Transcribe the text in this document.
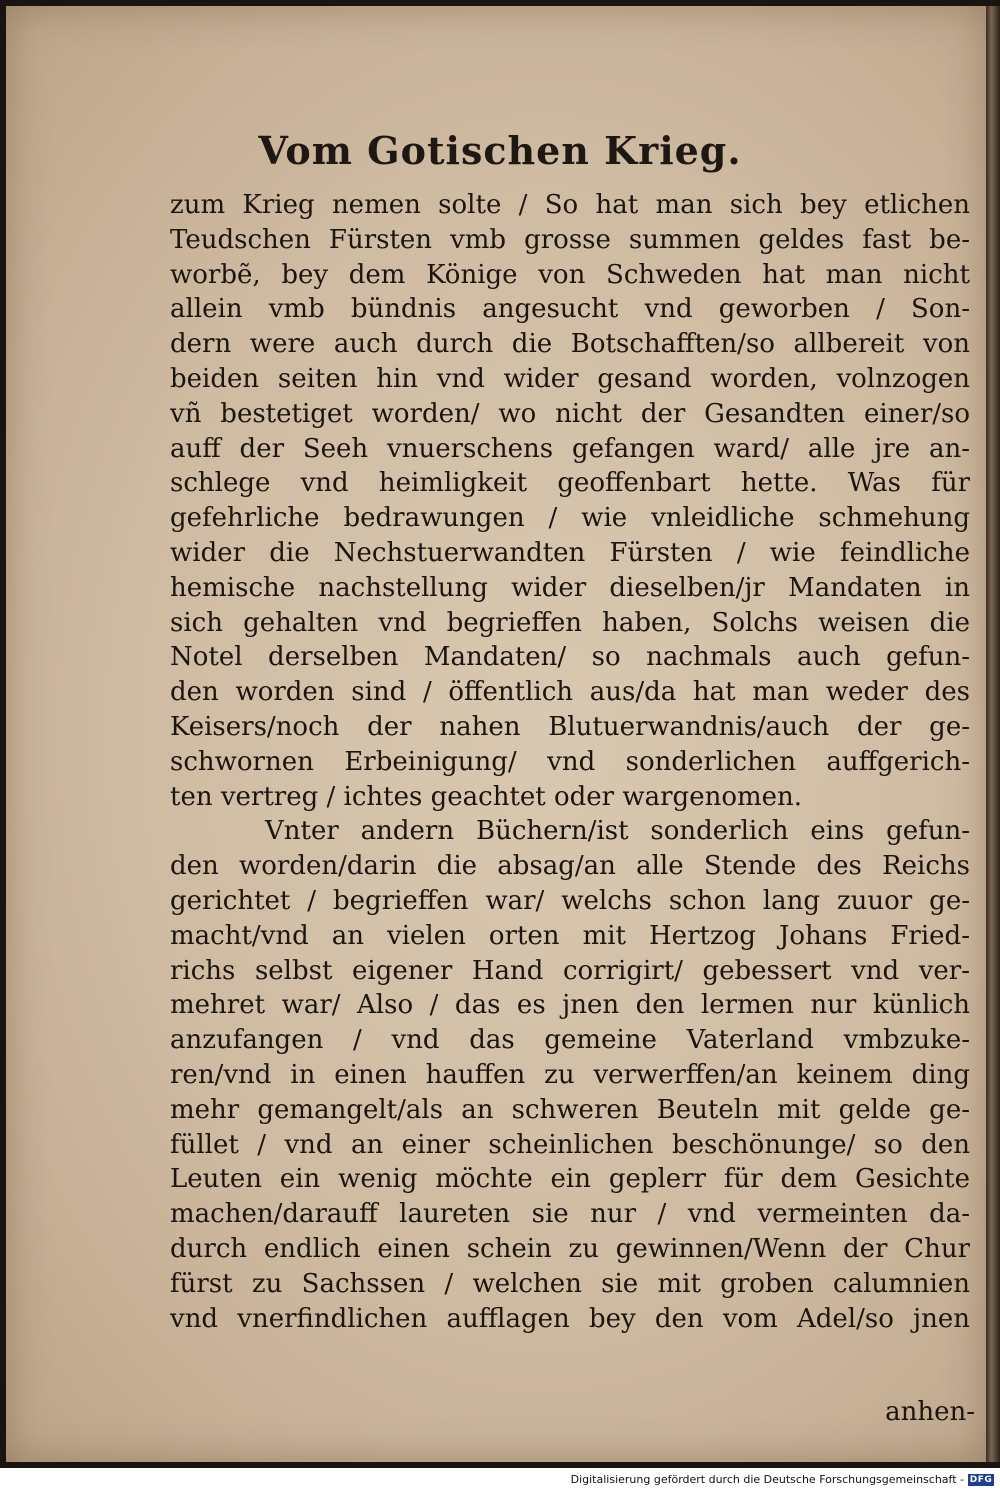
Vom Gotischen Krieg.
zum Krieg nemen solte / So hat man sich bey etlichen
Teudschen Fürsten vmb grosse summen geldes fast be-
worbẽ, bey dem Könige von Schweden hat man nicht
allein vmb bündnis angesucht vnd geworben / Son-
dern were auch durch die Botschafften/so allbereit von
beiden seiten hin vnd wider gesand worden, volnzogen
vñ bestetiget worden/ wo nicht der Gesandten einer/so
auff der Seeh vnuerschens gefangen ward/ alle jre an-
schlege vnd heimligkeit geoffenbart hette. Was für
gefehrliche bedrawungen / wie vnleidliche schmehung
wider die Nechstuerwandten Fürsten / wie feindliche
hemische nachstellung wider dieselben/jr Mandaten in
sich gehalten vnd begrieffen haben, Solchs weisen die
Notel derselben Mandaten/ so nachmals auch gefun-
den worden sind / öffentlich aus/da hat man weder des
Keisers/noch der nahen Blutuerwandnis/auch der ge-
schwornen Erbeinigung/ vnd sonderlichen auffgerich-
ten vertreg / ichtes geachtet oder wargenomen.
Vnter andern Büchern/ist sonderlich eins gefun-
den worden/darin die absag/an alle Stende des Reichs
gerichtet / begrieffen war/ welchs schon lang zuuor ge-
macht/vnd an vielen orten mit Hertzog Johans Fried-
richs selbst eigener Hand corrigirt/ gebessert vnd ver-
mehret war/ Also / das es jnen den lermen nur künlich
anzufangen / vnd das gemeine Vaterland vmbzuke-
ren/vnd in einen hauffen zu verwerffen/an keinem ding
mehr gemangelt/als an schweren Beuteln mit gelde ge-
füllet / vnd an einer scheinlichen beschönunge/ so den
Leuten ein wenig möchte ein geplerr für dem Gesichte
machen/darauff laureten sie nur / vnd vermeinten da-
durch endlich einen schein zu gewinnen/Wenn der Chur
fürst zu Sachssen / welchen sie mit groben calumnien
vnd vnerfindlichen aufflagen bey den vom Adel/so jnen
anhen-
Digitalisierung gefördert durch die Deutsche Forschungsgemeinschaft - DFG
